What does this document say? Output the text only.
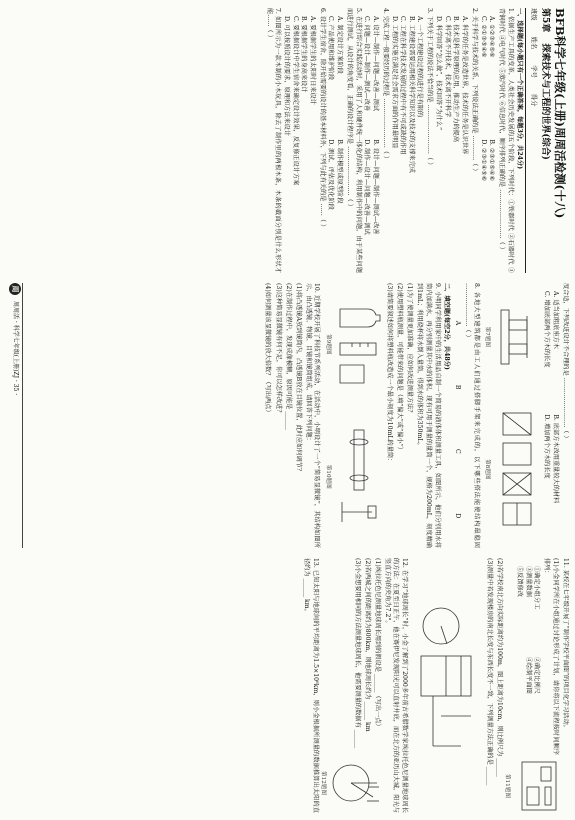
BFB科学七年级(上册)周周活检测(十八)
第5章 探索技术与工程的世界(综合)
班级
姓名
学号
得分
一、选择题(每小题只有一个正确答案，每题3分，共24分)
1. 依据生产工具的变革，人类社会历史发展的五个阶段，下列时代：①铁器时代 ②石器时代 ③青铜时代 ④电气时代 ⑤蒸汽时代 ⑥信息时代，顺序排列正确的是 ……………………（ ）
A. ①②③④⑤⑥
B. ②③①⑤④⑥
C. ②①③⑤④⑥
D. ②③①④⑤⑥
2. 关于科学与技术的关系，下列说法正确的是 …………（ ）
A. 科学的任务是改造世界，技术的任务是认识世界
B. 技术是科学原理的应用，推动生产力的提高
C. 科学离不开技术，技术离不开科学
D. 科学回答“怎么做”，技术回答“为什么”
3. 下列关于工程的说法不恰当的是 ……………………（ ）
A. 一个工程建设过程的进行是有限的
B. 工程建设需要运用相关科学知识以及技术的支撑来完成
C. 工程在科学技术发展的过程中有不可或缺的作用
D. 工程的实施在满足社会需求方面的作用最明显
4. 完成工程一般要经历的过程是 ……………………（ ）
A. 设计—制作—问题—改善—测试
B. 设计—问题—制作—测试—改善
C. 问题—设计—制作—测试—改善
D. 制作—设计—问题—改善—测试
5. 在进行综合实践活动时，采用了人和硬件统一体化的结构，利用制作中的问题，由于某些问题而进行测试，从设计的角度看，正确的设计程序是 ……………………（ ）
A. 制定设计方案阶段
B. 制作模型或原型阶段
C. 产品使用和维护阶段
D. 测试、评估及优化阶段
6. 设计学生宿舍，除开始需要的设计的基本材料外，下列与此有关的是 ……（ ）
A. 要根据学生的太阳时日来设计
B. 要根据学生的身高来设计
C. 要根据设计中学生宿舍来确定设计效果，反复修正设计方案
D. 可以按照设计的要求，原理和方法来设计
7. 如图所示为一款木制的小木玩具，除去了制作里的两根木条，木条的截面分别是什么形状才能……（ ）
度合适，下列改进设计不合理的是 ……………………（ ）
A. 适当加粗底座方木
B. 底部方木改用重量较大的材料
C. 增加底部两个方木的长度
D. 增加两个方木的长度
第7题图
第8题图
8. 各地大型建筑都是由工人们通过搭脚手架来完成的，以下哪些搭法能使结构最稳固 …………………（ ）
A
B
C
D
二、填空题(每空2分，共48分)
9. 小明同学利用家中的生活用品自制一个简易的液体体积测量工具，如图所示，他们分别用水将筒内加满水，再分别测量其中水的体积。现有可用于测量的量筒一个，规格为200mL，刻度精确到1mL；利用烧杯将水倒入量筒，得到水的体积为350mL。
(1)为了使测量更加准确，应如何改进测量方法？
(2)使用塑料瓶测量，可能带来的问题是（填“偏大”或“偏小”）
(3)请简要叙述如何将塑料瓶改造成一个最小刻度为10mL的量筒：
第9题图
第10题图
10. 近期学校开展了科技节系列活动，在活动中，小明设计了一个“简易显微镜”，其结构如图所示，由凸透镜、物镜、目镜和镜筒组成，请回答下列问题：
(1)将凸透镜A放到镜筒内，凸透镜B放在目镜位置，此时应如何调节？
(2)在制作过程中，发现成像模糊，原因可能是 ______
(3)这种简易显微镜有何不足，你可以怎样改进？
(4)如何测量该显微镜的放大倍数？（写出两点）
周
周周活 · 科学七年级(上册)ZJ · 35 ·
11. 某校在七年级开展了“制作学校平面图”的项目化学习活动。
(1)小金同学所在小组通过讨论形成了计划，请你将以下流程按时间顺序排列：
①确定小组分工
②确定比例尺
③测量数据
④绘制平面图
⑤反馈修改
第11题图
(2)若学校南北方向实际距离约为100m，图上距离为10cm，则比例尺为 ______
(3)测量中若发现楼房的南北长度与东西长度不一致，下列测量方法正确的是 ______
12. 在学习“地球周长”时，小金了解到了2000多年前古希腊数学家埃拉托色尼测量地球周长的方法：在夏至日正午，他在赛伊尼发现阳光可以直射井底，而在北方的亚历山大城，阳光与竖直方向的夹角为7.2°。
(1)埃拉托色尼测量地球周长用到的假设是 ______（写出一点）
(2)若两城之间的距离约为800km，则地球周长约为 ______ km
(3)小金想要用相同的方法测量地球周长，他需要测量的数据有 ______
第12题图
13. 已知太阳与地球间的平均距离为1.5×10⁸km，则小金根据所测量的数据推算出太阳的直径约为 ______ km。
